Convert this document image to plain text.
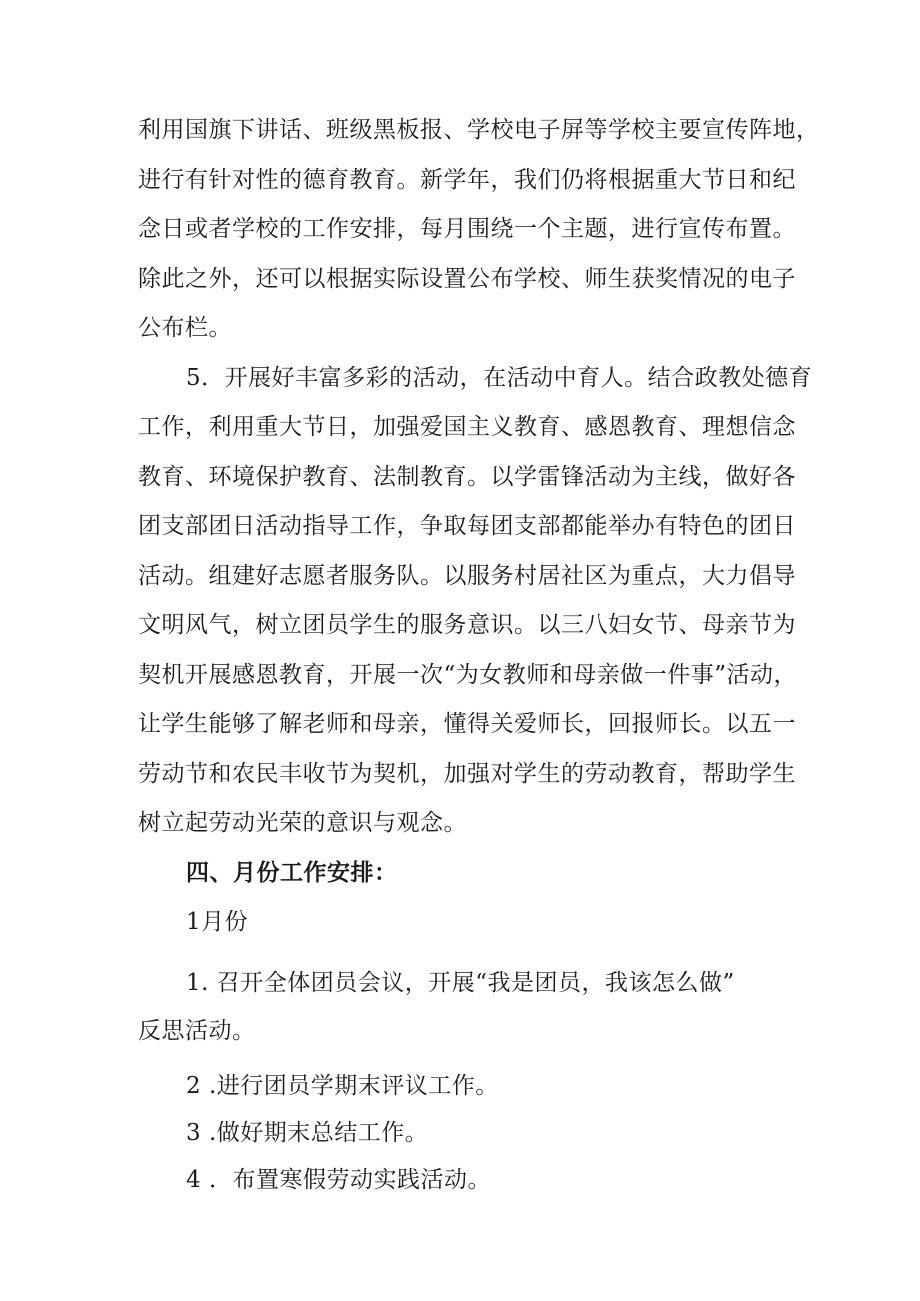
利用国旗下讲话、班级黑板报、学校电子屏等学校主要宣传阵地，
进行有针对性的德育教育。新学年，我们仍将根据重大节日和纪
念日或者学校的工作安排，每月围绕一个主题，进行宣传布置。
除此之外，还可以根据实际设置公布学校、师生获奖情况的电子
公布栏。
5．开展好丰富多彩的活动，在活动中育人。结合政教处德育
工作，利用重大节日，加强爱国主义教育、感恩教育、理想信念
教育、环境保护教育、法制教育。以学雷锋活动为主线，做好各
团支部团日活动指导工作，争取每团支部都能举办有特色的团日
活动。组建好志愿者服务队。以服务村居社区为重点，大力倡导
文明风气，树立团员学生的服务意识。以三八妇女节、母亲节为
契机开展感恩教育，开展一次“为女教师和母亲做一件事”活动，
让学生能够了解老师和母亲，懂得关爱师长，回报师长。以五一
劳动节和农民丰收节为契机，加强对学生的劳动教育，帮助学生
树立起劳动光荣的意识与观念。
四、月份工作安排：
1月份
1. 召开全体团员会议，开展“我是团员，我该怎么做”
反思活动。
2 .进行团员学期末评议工作。
3 .做好期末总结工作。
4 ．布置寒假劳动实践活动。
